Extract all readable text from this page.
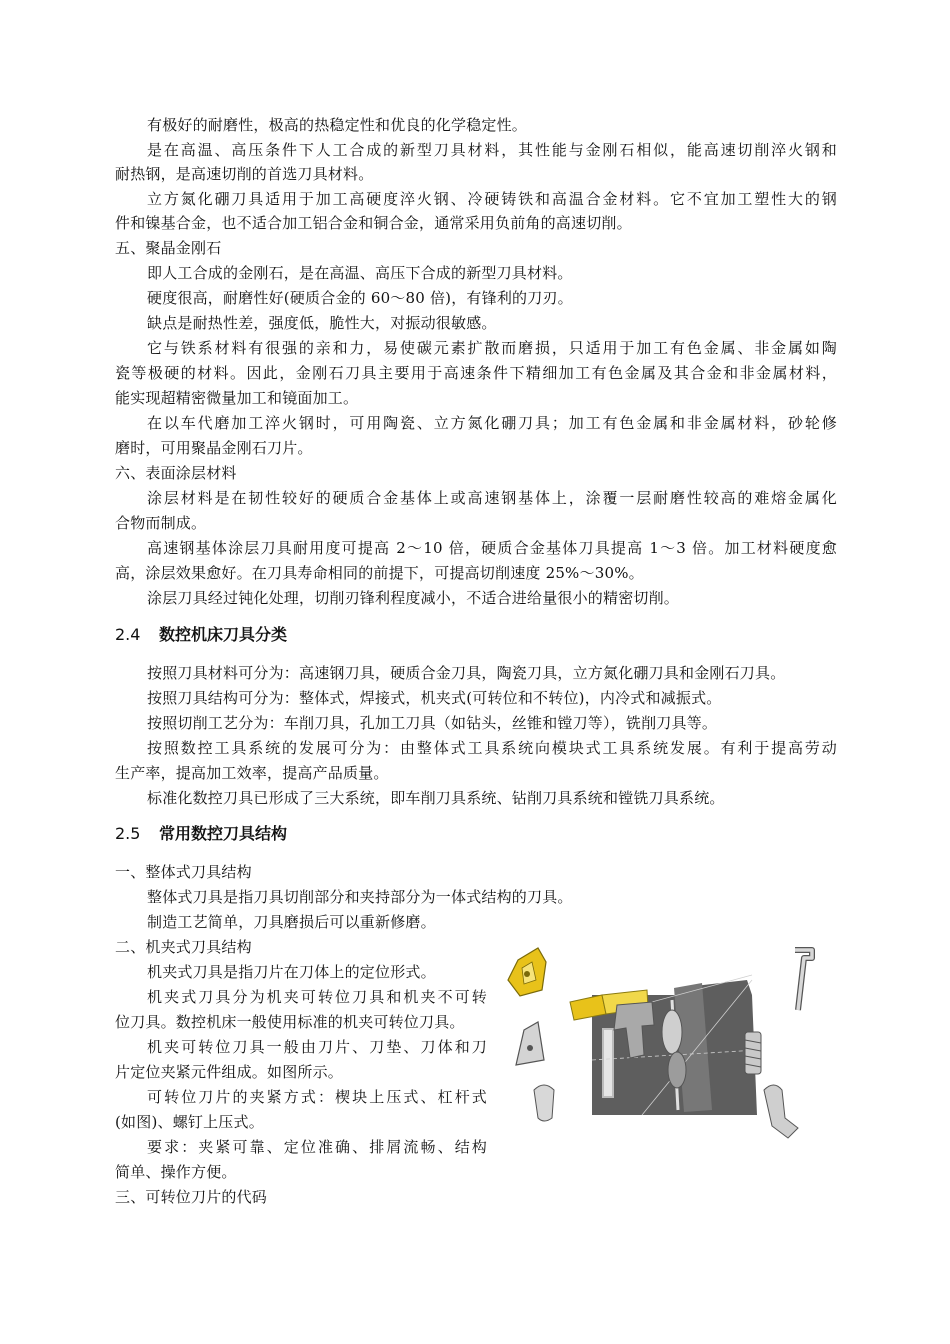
有极好的耐磨性，极高的热稳定性和优良的化学稳定性。
是在高温、高压条件下人工合成的新型刀具材料，其性能与金刚石相似，能高速切削淬火钢和
耐热钢，是高速切削的首选刀具材料。
立方氮化硼刀具适用于加工高硬度淬火钢、冷硬铸铁和高温合金材料。它不宜加工塑性大的钢
件和镍基合金，也不适合加工铝合金和铜合金，通常采用负前角的高速切削。
五、聚晶金刚石
即人工合成的金刚石，是在高温、高压下合成的新型刀具材料。
硬度很高，耐磨性好(硬质合金的 60～80 倍)，有锋利的刀刃。
缺点是耐热性差，强度低，脆性大，对振动很敏感。
它与铁系材料有很强的亲和力，易使碳元素扩散而磨损，只适用于加工有色金属、非金属如陶
瓷等极硬的材料。因此，金刚石刀具主要用于高速条件下精细加工有色金属及其合金和非金属材料，
能实现超精密微量加工和镜面加工。
在以车代磨加工淬火钢时，可用陶瓷、立方氮化硼刀具；加工有色金属和非金属材料，砂轮修
磨时，可用聚晶金刚石刀片。
六、表面涂层材料
涂层材料是在韧性较好的硬质合金基体上或高速钢基体上，涂覆一层耐磨性较高的难熔金属化
合物而制成。
高速钢基体涂层刀具耐用度可提高 2～10 倍，硬质合金基体刀具提高 1～3 倍。加工材料硬度愈
高，涂层效果愈好。在刀具寿命相同的前提下，可提高切削速度 25%～30%。
涂层刀具经过钝化处理，切削刃锋利程度减小，不适合进给量很小的精密切削。
2.4 数控机床刀具分类
按照刀具材料可分为：高速钢刀具，硬质合金刀具，陶瓷刀具，立方氮化硼刀具和金刚石刀具。
按照刀具结构可分为：整体式，焊接式，机夹式(可转位和不转位)，内冷式和减振式。
按照切削工艺分为：车削刀具，孔加工刀具（如钻头，丝锥和镗刀等），铣削刀具等。
按照数控工具系统的发展可分为：由整体式工具系统向模块式工具系统发展。有利于提高劳动
生产率，提高加工效率，提高产品质量。
标准化数控刀具已形成了三大系统，即车削刀具系统、钻削刀具系统和镗铣刀具系统。
2.5 常用数控刀具结构
一、整体式刀具结构
整体式刀具是指刀具切削部分和夹持部分为一体式结构的刀具。
制造工艺简单，刀具磨损后可以重新修磨。
二、机夹式刀具结构
机夹式刀具是指刀片在刀体上的定位形式。
机夹式刀具分为机夹可转位刀具和机夹不可转
位刀具。数控机床一般使用标准的机夹可转位刀具。
机夹可转位刀具一般由刀片、刀垫、刀体和刀
片定位夹紧元件组成。如图所示。
可转位刀片的夹紧方式：楔块上压式、杠杆式
(如图)、螺钉上压式。
要求：夹紧可靠、定位准确、排屑流畅、结构
简单、操作方便。
三、可转位刀片的代码
